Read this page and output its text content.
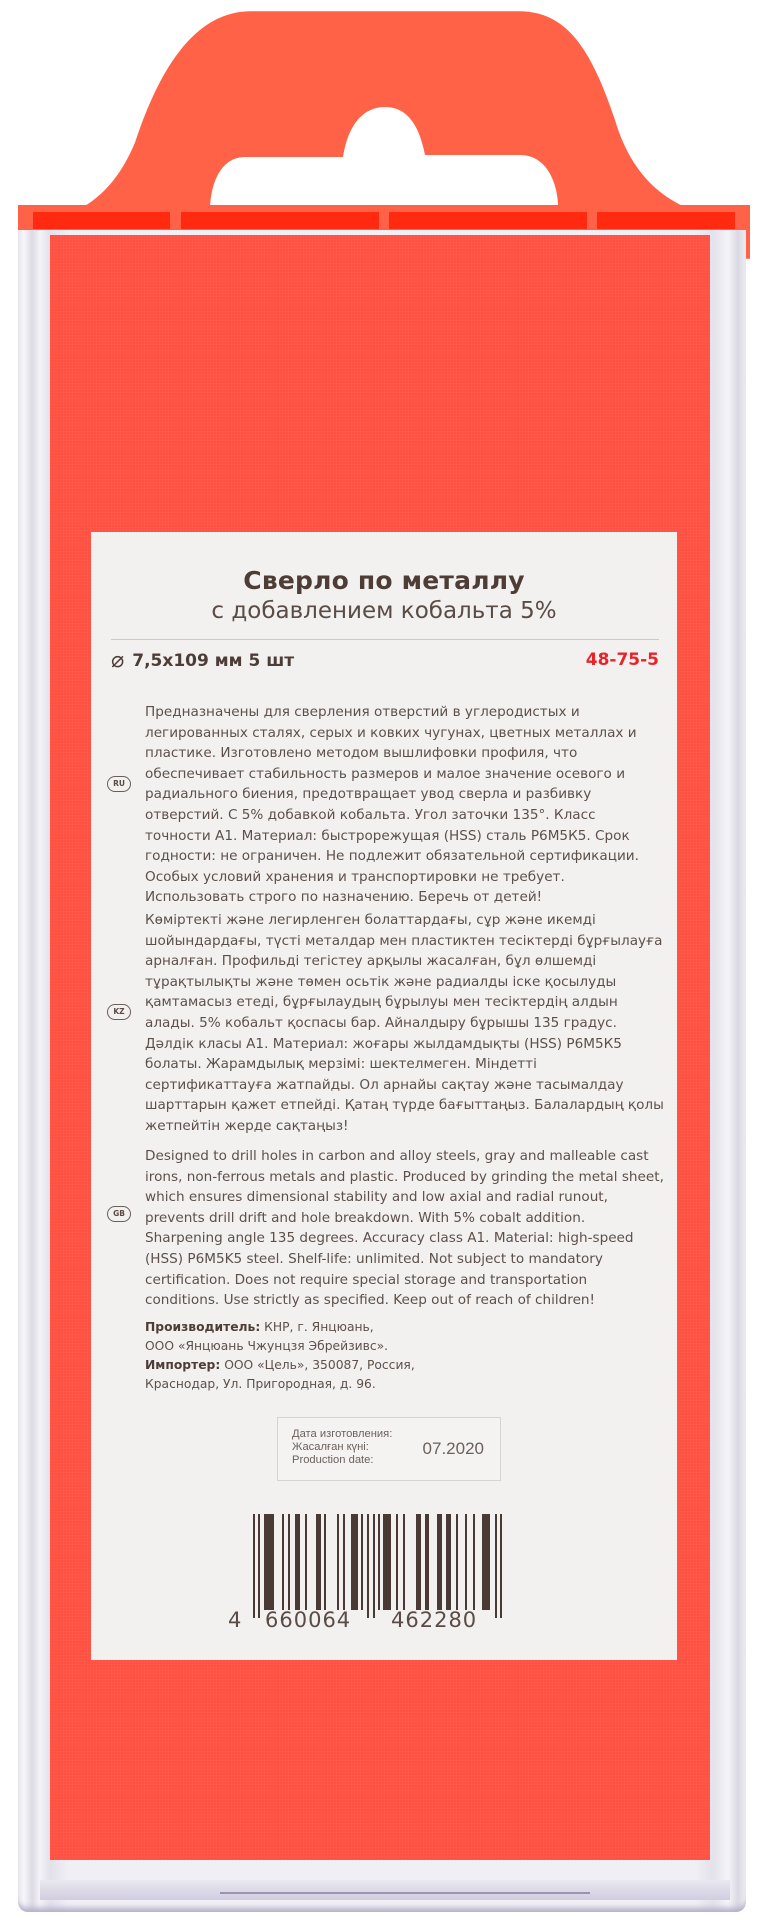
Сверло по металлу
с добавлением кобальта 5%
⌀ 7,5x109 мм 5 шт	48-75-5
Предназначены для сверления отверстий в углеродистых и легированных сталях, серых и ковких чугунах, цветных металлах и пластике. Изготовлено методом вышлифовки профиля, что обеспечивает стабильность размеров и малое значение осевого и радиального биения, предотвращает увод сверла и разбивку отверстий. С 5% добавкой кобальта. Угол заточки 135°. Класс точности А1. Материал: быстрорежущая (HSS) сталь Р6М5К5. Срок годности: не ограничен. Не подлежит обязательной сертификации. Особых условий хранения и транспортировки не требует. Использовать строго по назначению. Беречь от детей!
RU
Көміртекті және легирленген болаттардағы, сұр және икемді шойындардағы, түсті металдар мен пластиктен тесіктерді бұрғылауға арналған. Профильді тегістеу арқылы жасалған, бұл өлшемді тұрақтылықты және төмен осьтік және радиалды іске қосылуды қамтамасыз етеді, бұрғылаудың бұрылуы мен тесіктердің алдын алады. 5% кобальт қоспасы бар. Айналдыру бұрышы 135 градус. Дәлдік класы А1. Материал: жоғары жылдамдықты (HSS) Р6М5К5 болаты. Жарамдылық мерзімі: шектелмеген. Міндетті сертификаттауға жатпайды. Ол арнайы сақтау және тасымалдау шарттарын қажет етпейді. Қатаң түрде бағыттаңыз. Балалардың қолы жетпейтін жерде сақтаңыз!
KZ
Designed to drill holes in carbon and alloy steels, gray and malleable cast irons, non-ferrous metals and plastic. Produced by grinding the metal sheet, which ensures dimensional stability and low axial and radial runout, prevents drill drift and hole breakdown. With 5% cobalt addition. Sharpening angle 135 degrees. Accuracy class A1. Material: high-speed (HSS) P6M5K5 steel. Shelf-life: unlimited. Not subject to mandatory certification. Does not require special storage and transportation conditions. Use strictly as specified. Keep out of reach of children!
GB
Производитель: КНР, г. Янцюань,
ООО «Янцюань Чжунцзя Эбрейзивс».
Импортер: ООО «Цель», 350087, Россия,
Краснодар, Ул. Пригородная, д. 96.
Дата изготовления:
Жасалған күні:
Production date:
07.2020
4 660064 462280
